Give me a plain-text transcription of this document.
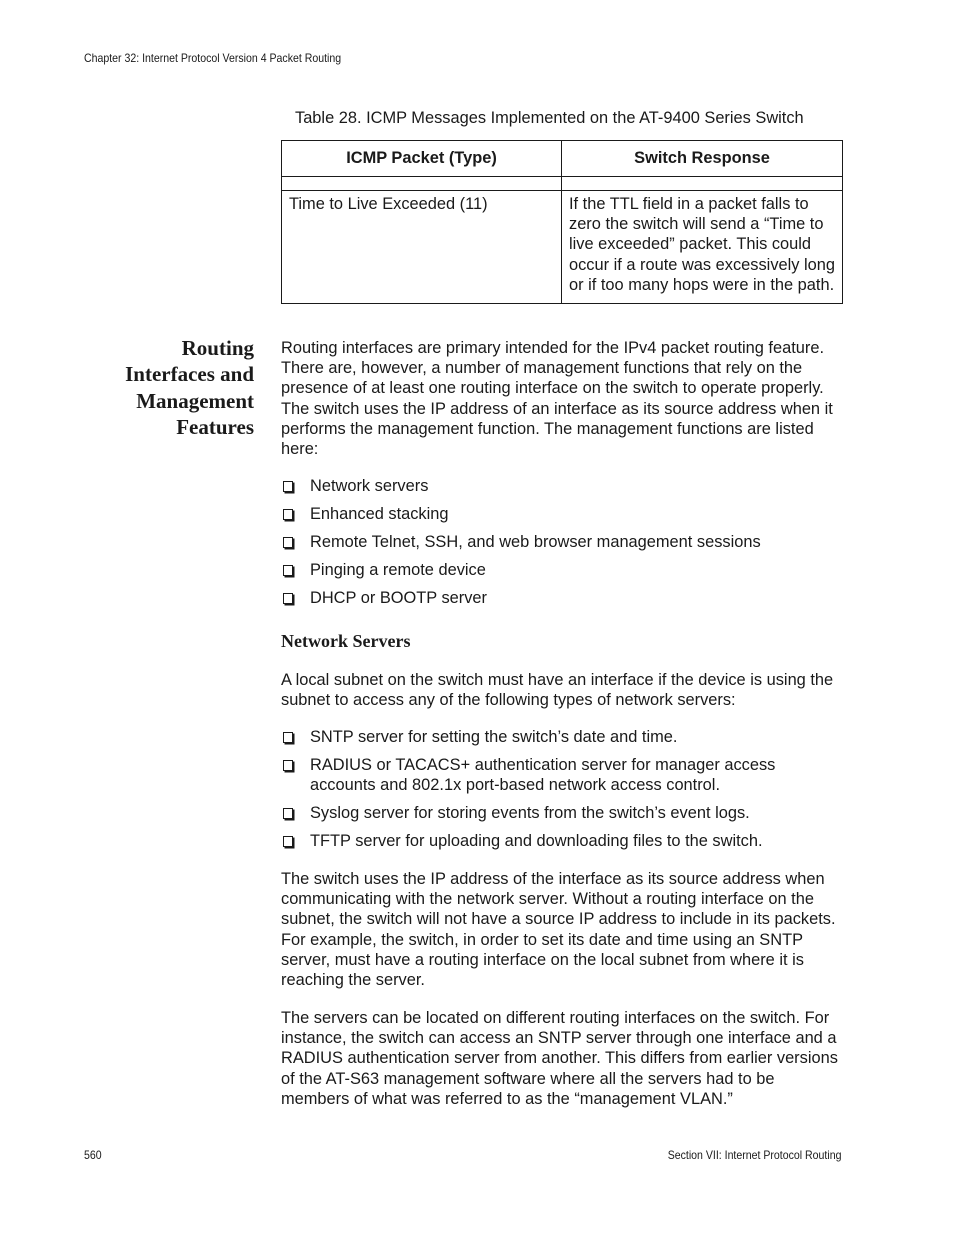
Chapter 32: Internet Protocol Version 4 Packet Routing
Table 28. ICMP Messages Implemented on the AT-9400 Series Switch
ICMP Packet (Type)	Switch Response

Time to Live Exceeded (11)	If the TTL field in a packet falls to zero the switch will send a “Time to live exceeded” packet. This could occur if a route was excessively long or if too many hops were in the path.
Routing
Interfaces and
Management
Features

Routing interfaces are primary intended for the IPv4 packet routing feature. There are, however, a number of management functions that rely on the presence of at least one routing interface on the switch to operate properly. The switch uses the IP address of an interface as its source address when it performs the management function. The management functions are listed here:

Network servers
Enhanced stacking
Remote Telnet, SSH, and web browser management sessions
Pinging a remote device
DHCP or BOOTP server
Network Servers

A local subnet on the switch must have an interface if the device is using the subnet to access any of the following types of network servers:

SNTP server for setting the switch’s date and time.
RADIUS or TACACS+ authentication server for manager access accounts and 802.1x port-based network access control.
Syslog server for storing events from the switch’s event logs.
TFTP server for uploading and downloading files to the switch.

The switch uses the IP address of the interface as its source address when communicating with the network server. Without a routing interface on the subnet, the switch will not have a source IP address to include in its packets. For example, the switch, in order to set its date and time using an SNTP server, must have a routing interface on the local subnet from where it is reaching the server.

The servers can be located on different routing interfaces on the switch. For instance, the switch can access an SNTP server through one interface and a RADIUS authentication server from another. This differs from earlier versions of the AT-S63 management software where all the servers had to be members of what was referred to as the “management VLAN.”

560	Section VII: Internet Protocol Routing
